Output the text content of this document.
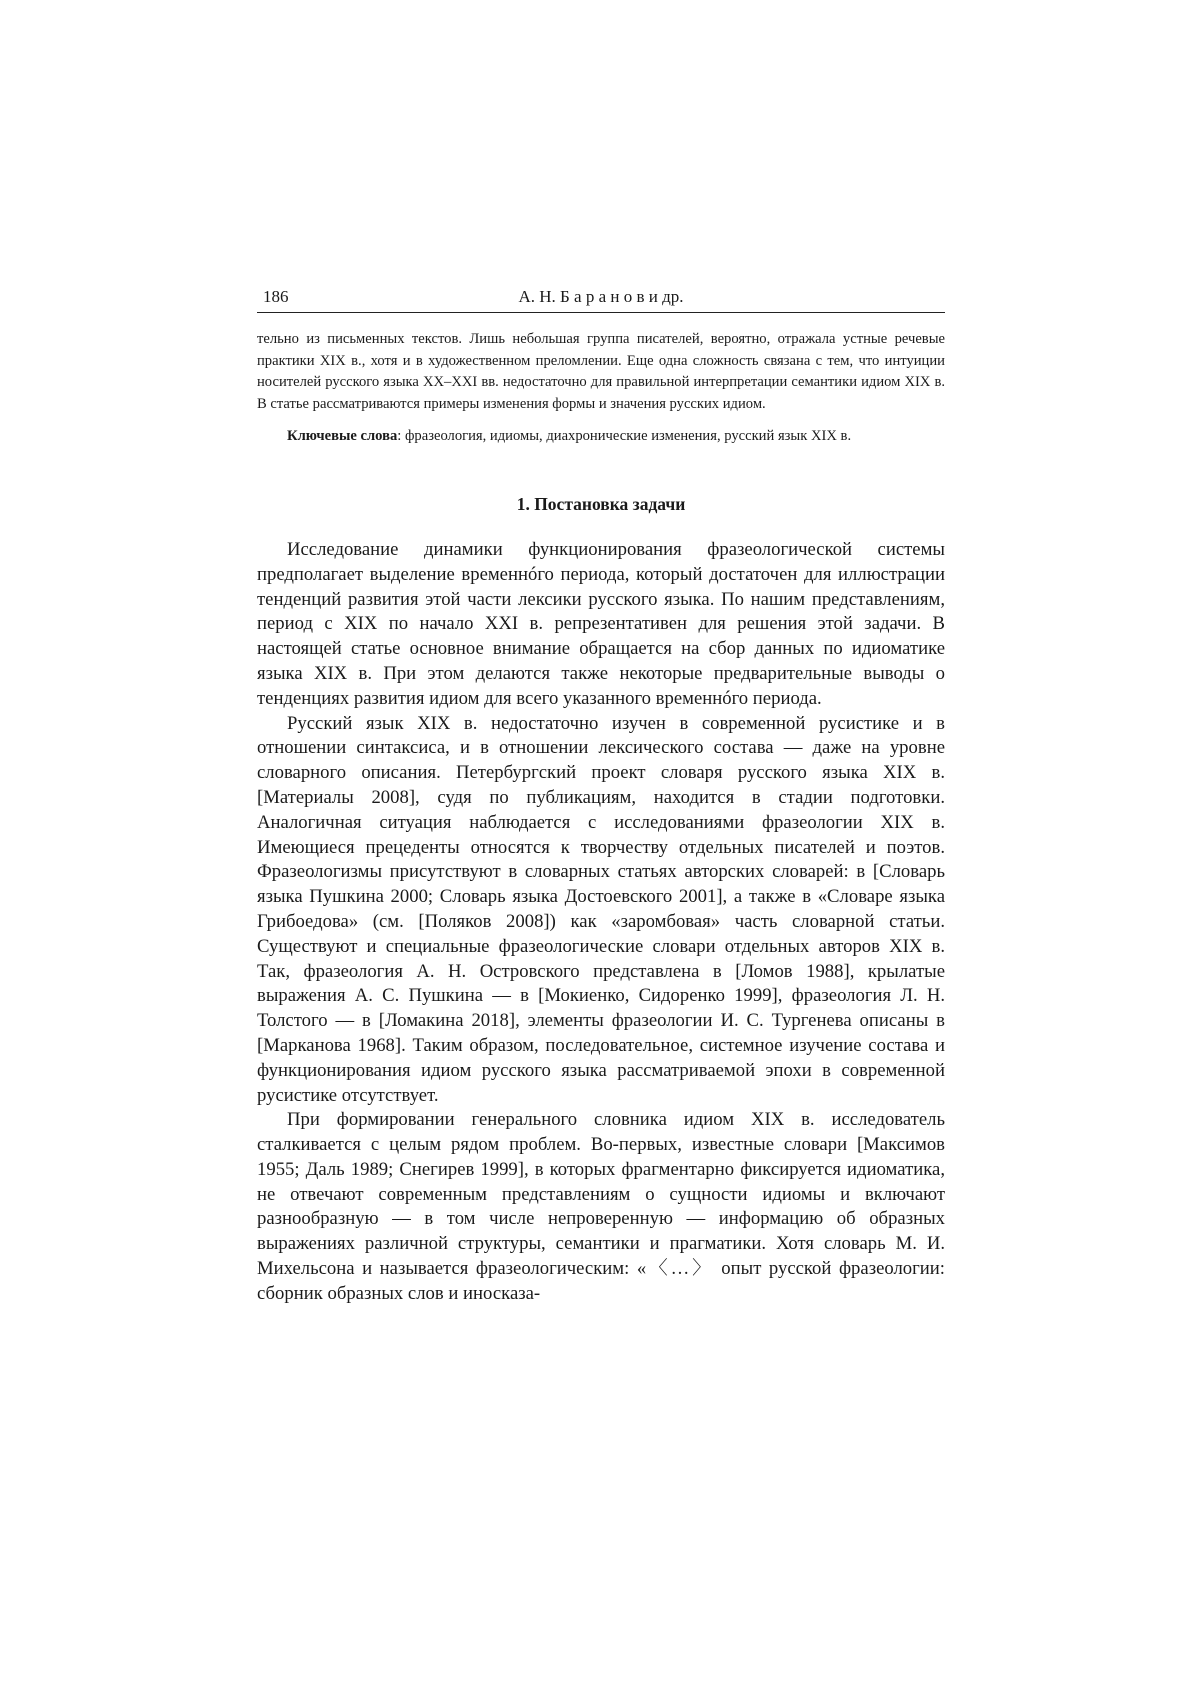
186	А. Н. Б а р а н о в и др.

тельно из письменных текстов. Лишь небольшая группа писателей, вероятно, отражала устные речевые практики XIX в., хотя и в художественном преломлении. Еще одна сложность связана с тем, что интуиции носителей русского языка XX–XXI вв. недостаточно для правильной интерпретации семантики идиом XIX в. В статье рассматриваются примеры изменения формы и значения русских идиом.

Ключевые слова: фразеология, идиомы, диахронические изменения, русский язык XIX в.

1. Постановка задачи

Исследование динамики функционирования фразеологической системы предполагает выделение временнóго периода, который достаточен для иллюстрации тенденций развития этой части лексики русского языка. По нашим представлениям, период с XIX по начало XXI в. репрезентативен для решения этой задачи. В настоящей статье основное внимание обращается на сбор данных по идиоматике языка XIX в. При этом делаются также некоторые предварительные выводы о тенденциях развития идиом для всего указанного временнóго периода.

Русский язык XIX в. недостаточно изучен в современной русистике и в отношении синтаксиса, и в отношении лексического состава — даже на уровне словарного описания. Петербургский проект словаря русского языка XIX в. [Материалы 2008], судя по публикациям, находится в стадии подготовки. Аналогичная ситуация наблюдается с исследованиями фразеологии XIX в. Имеющиеся прецеденты относятся к творчеству отдельных писателей и поэтов. Фразеологизмы присутствуют в словарных статьях авторских словарей: в [Словарь языка Пушкина 2000; Словарь языка Достоевского 2001], а также в «Словаре языка Грибоедова» (см. [Поляков 2008]) как «заромбовая» часть словарной статьи. Существуют и специальные фразеологические словари отдельных авторов XIX в. Так, фразеология А. Н. Островского представлена в [Ломов 1988], крылатые выражения А. С. Пушкина — в [Мокиенко, Сидоренко 1999], фразеология Л. Н. Толстого — в [Ломакина 2018], элементы фразеологии И. С. Тургенева описаны в [Марканова 1968]. Таким образом, последовательное, системное изучение состава и функционирования идиом русского языка рассматриваемой эпохи в современной русистике отсутствует.

При формировании генерального словника идиом XIX в. исследователь сталкивается с целым рядом проблем. Во-первых, известные словари [Максимов 1955; Даль 1989; Снегирев 1999], в которых фрагментарно фиксируется идиоматика, не отвечают современным представлениям о сущности идиомы и включают разнообразную — в том числе непроверенную — информацию об образных выражениях различной структуры, семантики и прагматики. Хотя словарь М. И. Михельсона и называется фразеологическим: «〈…〉 опыт русской фразеологии: сборник образных слов и иносказа-
